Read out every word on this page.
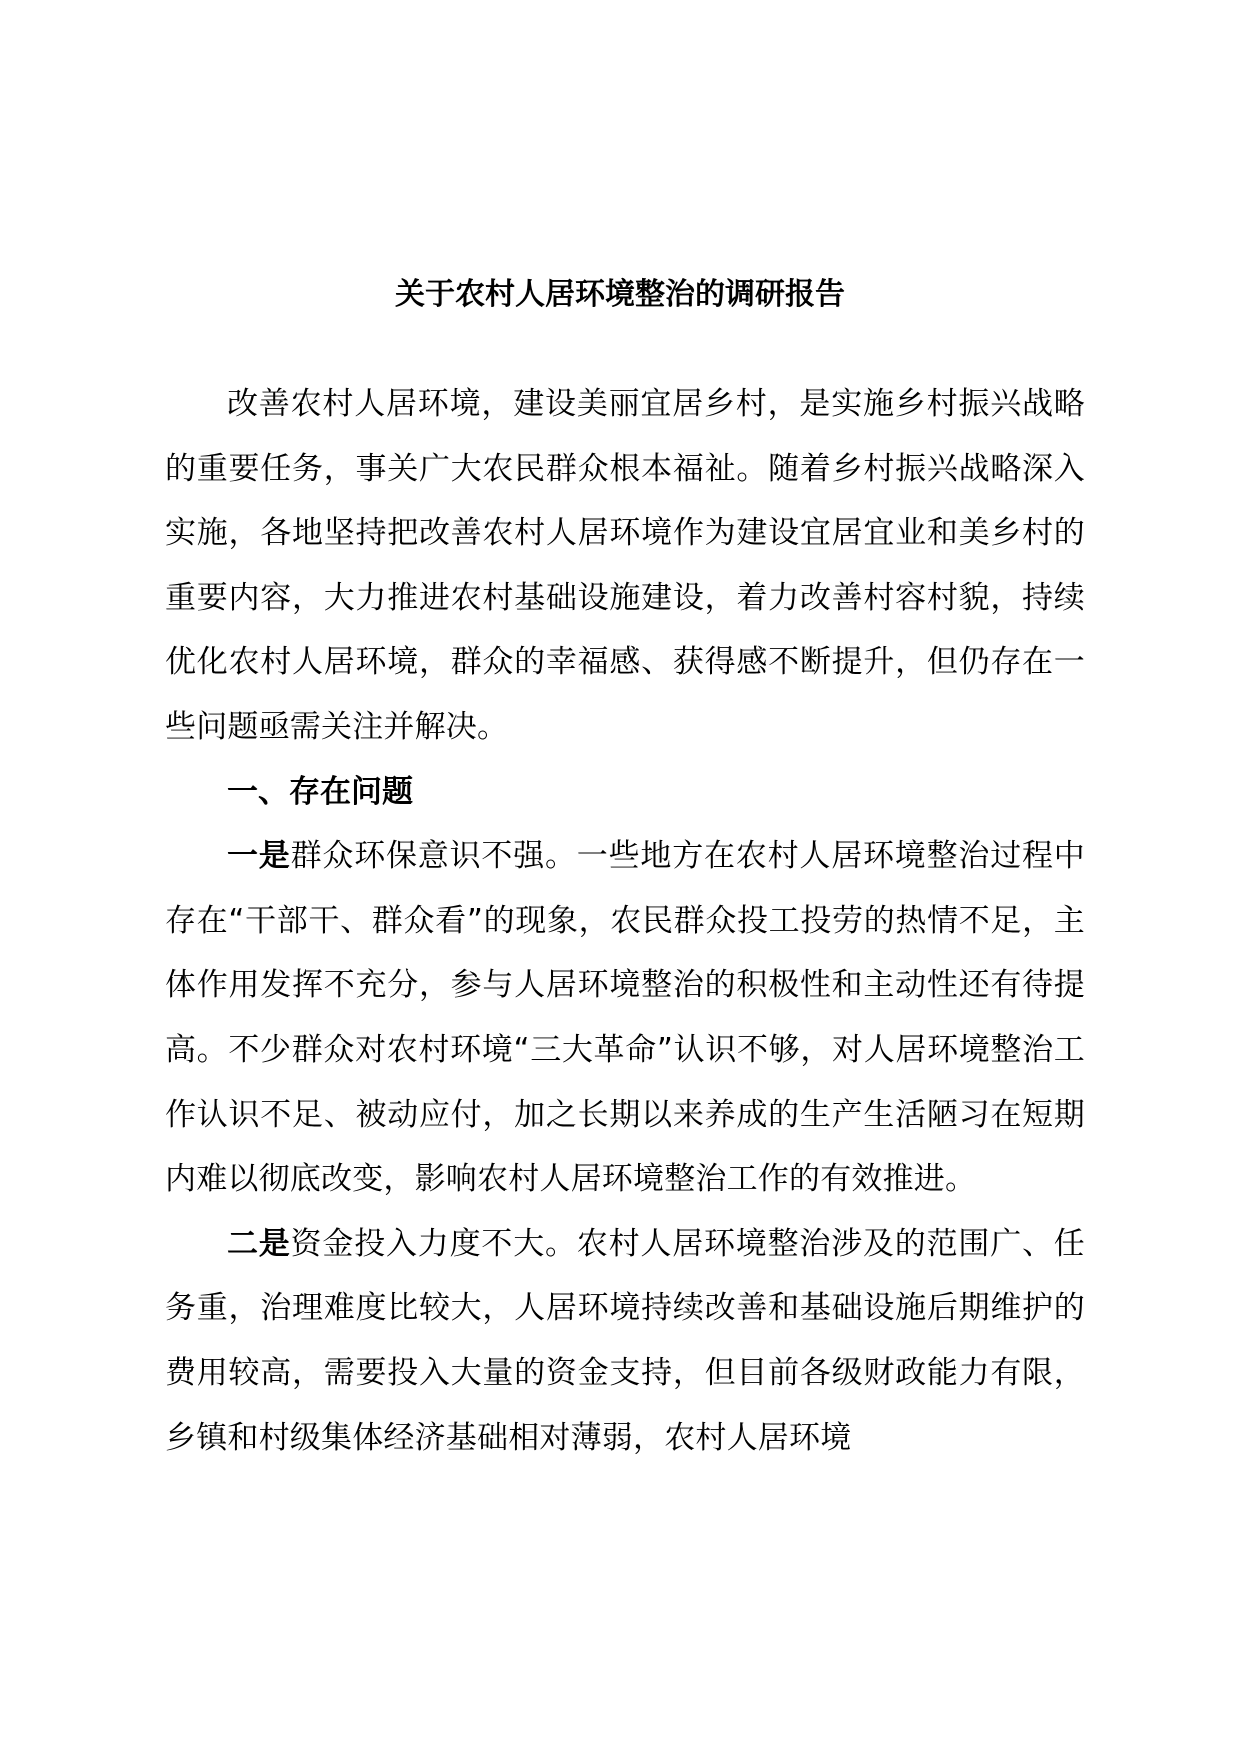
关于农村人居环境整治的调研报告

改善农村人居环境，建设美丽宜居乡村，是实施乡村振兴战略的重要任务，事关广大农民群众根本福祉。随着乡村振兴战略深入实施，各地坚持把改善农村人居环境作为建设宜居宜业和美乡村的重要内容，大力推进农村基础设施建设，着力改善村容村貌，持续优化农村人居环境，群众的幸福感、获得感不断提升，但仍存在一些问题亟需关注并解决。

一、存在问题

一是群众环保意识不强。一些地方在农村人居环境整治过程中存在“干部干、群众看”的现象，农民群众投工投劳的热情不足，主体作用发挥不充分，参与人居环境整治的积极性和主动性还有待提高。不少群众对农村环境“三大革命”认识不够，对人居环境整治工作认识不足、被动应付，加之长期以来养成的生产生活陋习在短期内难以彻底改变，影响农村人居环境整治工作的有效推进。

二是资金投入力度不大。农村人居环境整治涉及的范围广、任务重，治理难度比较大，人居环境持续改善和基础设施后期维护的费用较高，需要投入大量的资金支持，但目前各级财政能力有限，乡镇和村级集体经济基础相对薄弱，农村人居环境
